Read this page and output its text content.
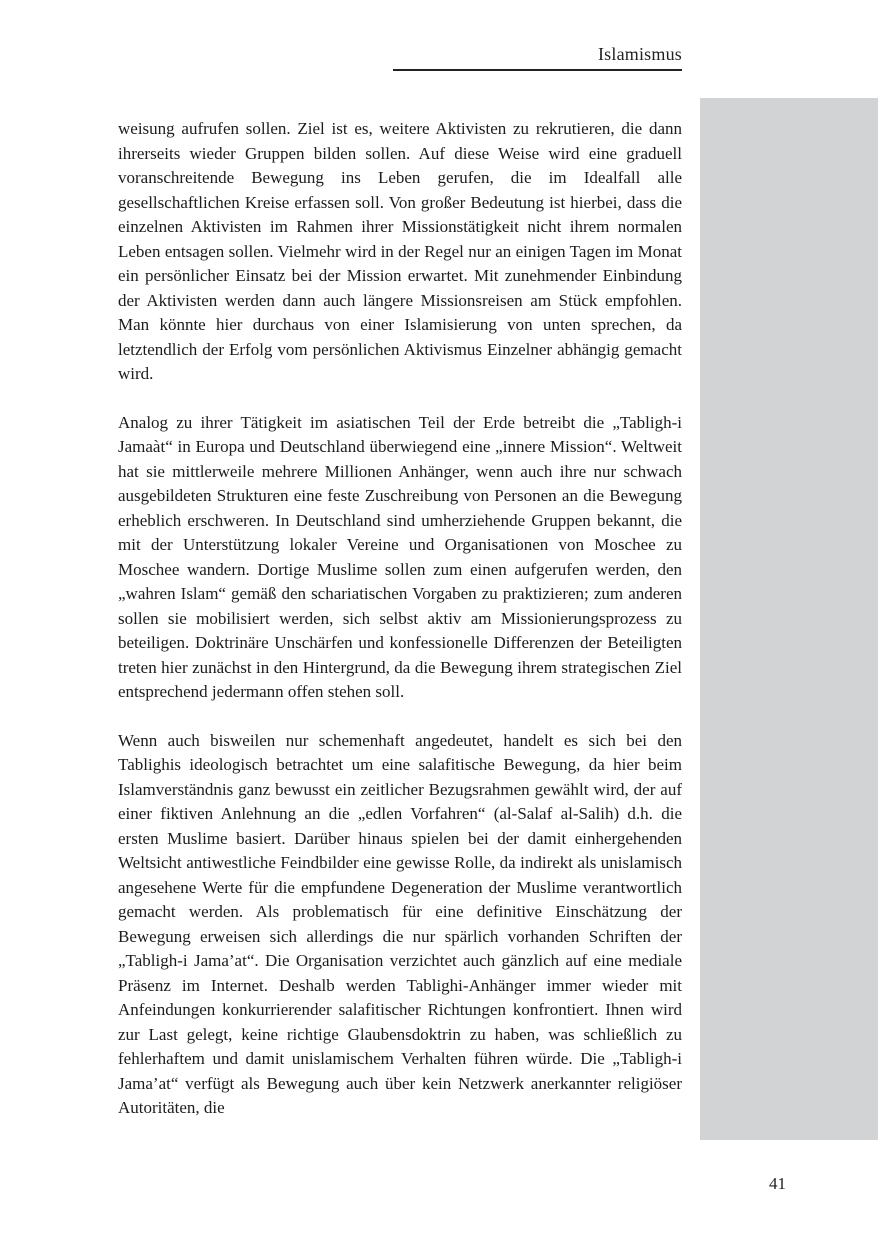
Islamismus

weisung aufrufen sollen. Ziel ist es, weitere Aktivisten zu rekrutieren, die dann ihrerseits wieder Gruppen bilden sollen. Auf diese Weise wird eine graduell voranschreitende Bewegung ins Leben gerufen, die im Idealfall alle gesellschaftlichen Kreise erfassen soll. Von großer Bedeutung ist hierbei, dass die einzelnen Aktivisten im Rahmen ihrer Missionstätigkeit nicht ihrem normalen Leben entsagen sollen. Vielmehr wird in der Regel nur an einigen Tagen im Monat ein persönlicher Einsatz bei der Mission erwartet. Mit zunehmender Einbindung der Aktivisten werden dann auch längere Missionsreisen am Stück empfohlen. Man könnte hier durchaus von einer Islamisierung von unten sprechen, da letztendlich der Erfolg vom persönlichen Aktivismus Einzelner abhängig gemacht wird.

Analog zu ihrer Tätigkeit im asiatischen Teil der Erde betreibt die „Tabligh-i Jamaàt“ in Europa und Deutschland überwiegend eine „innere Mission“. Weltweit hat sie mittlerweile mehrere Millionen Anhänger, wenn auch ihre nur schwach ausgebildeten Strukturen eine feste Zuschreibung von Personen an die Bewegung erheblich erschweren. In Deutschland sind umherziehende Gruppen bekannt, die mit der Unterstützung lokaler Vereine und Organisationen von Moschee zu Moschee wandern. Dortige Muslime sollen zum einen aufgerufen werden, den „wahren Islam“ gemäß den schariatischen Vorgaben zu praktizieren; zum anderen sollen sie mobilisiert werden, sich selbst aktiv am Missionierungsprozess zu beteiligen. Doktrinäre Unschärfen und konfessionelle Differenzen der Beteiligten treten hier zunächst in den Hintergrund, da die Bewegung ihrem strategischen Ziel entsprechend jedermann offen stehen soll.

Wenn auch bisweilen nur schemenhaft angedeutet, handelt es sich bei den Tablighis ideologisch betrachtet um eine salafitische Bewegung, da hier beim Islamverständnis ganz bewusst ein zeitlicher Bezugsrahmen gewählt wird, der auf einer fiktiven Anlehnung an die „edlen Vorfahren“ (al-Salaf al-Salih) d.h. die ersten Muslime basiert. Darüber hinaus spielen bei der damit einhergehenden Weltsicht antiwestliche Feindbilder eine gewisse Rolle, da indirekt als unislamisch angesehene Werte für die empfundene Degeneration der Muslime verantwortlich gemacht werden. Als problematisch für eine definitive Einschätzung der Bewegung erweisen sich allerdings die nur spärlich vorhanden Schriften der „Tabligh-i Jama’at“. Die Organisation verzichtet auch gänzlich auf eine mediale Präsenz im Internet. Deshalb werden Tablighi-Anhänger immer wieder mit Anfeindungen konkurrierender salafitischer Richtungen konfrontiert. Ihnen wird zur Last gelegt, keine richtige Glaubensdoktrin zu haben, was schließlich zu fehlerhaftem und damit unislamischem Verhalten führen würde. Die „Tabligh-i Jama’at“ verfügt als Bewegung auch über kein Netzwerk anerkannter religiöser Autoritäten, die

41
